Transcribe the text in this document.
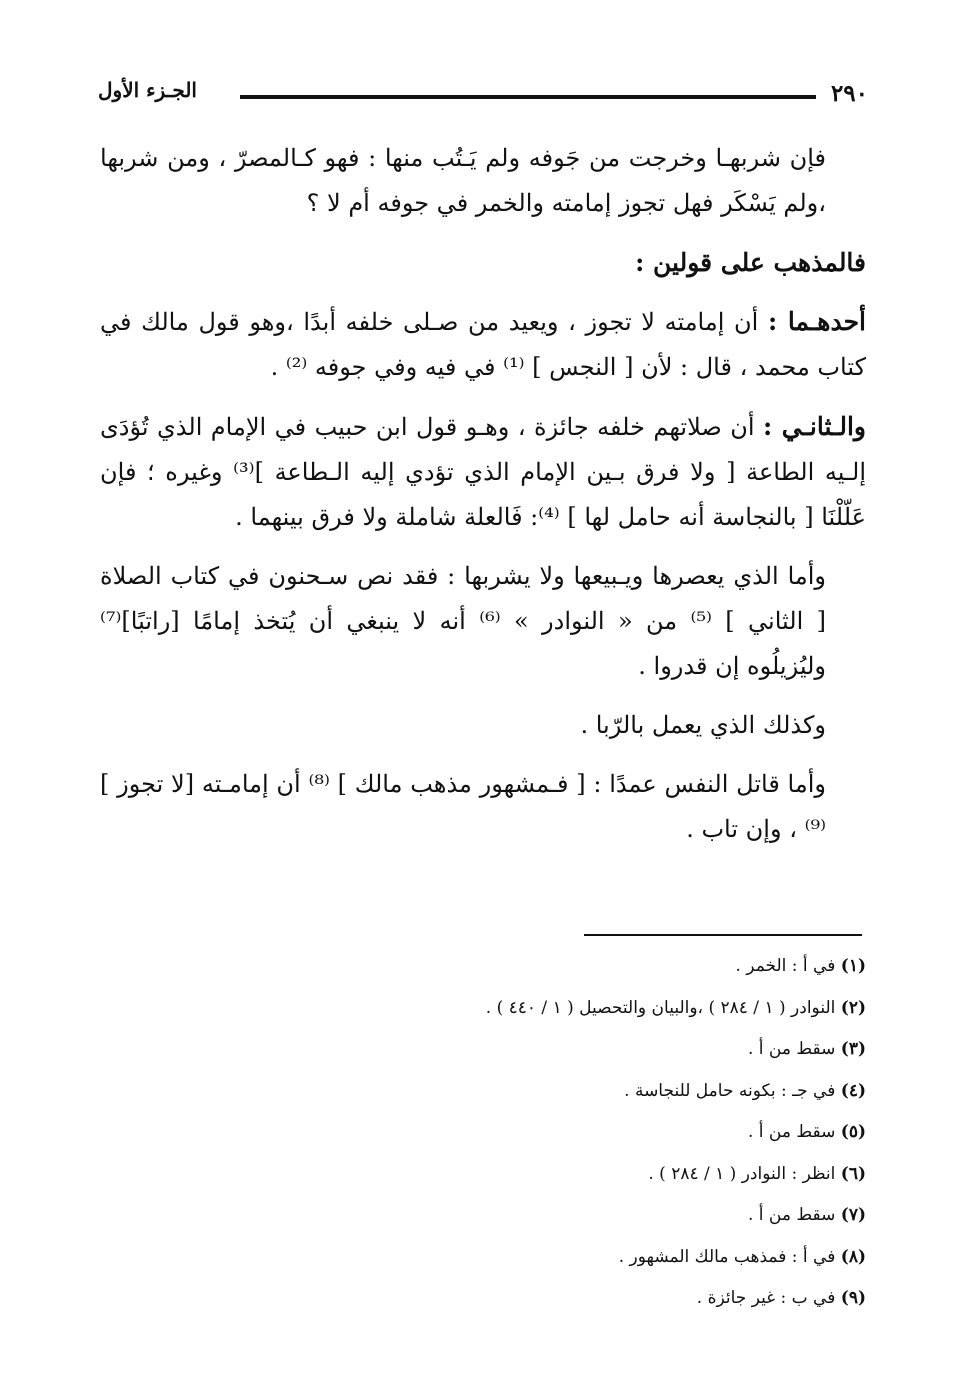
٢٩٠
الجـزء الأول

فإن شربهـا وخرجت من جَوفه ولم يَـتُب منها : فهو كـالمصرّ ، ومن شربها ،ولم يَسْكَر فهل تجوز إمامته والخمر في جوفه أم لا ؟

فالمذهب على قولين :

أحدهـما : أن إمامته لا تجوز ، ويعيد من صـلى خلفه أبدًا ،وهو قول مالك في كتاب محمد ، قال : لأن [ النجس ] ⁽¹⁾ في فيه وفي جوفه ⁽²⁾ .

والـثانـي : أن صلاتهم خلفه جائزة ، وهـو قول ابن حبيب في الإمام الذي تُؤدَى إلـيه الطاعة [ ولا فرق بـين الإمام الذي تؤدي إليه الـطاعة ]⁽³⁾ وغيره ؛ فإن عَلّلْنَا [ بالنجاسة أنه حامل لها ] ⁽⁴⁾: فَالعلة شاملة ولا فرق بينهما .

وأما الذي يعصرها ويـبيعها ولا يشربها : فقد نص سـحنون في كتاب الصلاة [ الثاني ] ⁽⁵⁾ من « النوادر » ⁽⁶⁾ أنه لا ينبغي أن يُتخذ إمامًا [راتبًا]⁽⁷⁾ وليُزيلُوه إن قدروا .

وكذلك الذي يعمل بالرّبا .

وأما قاتل النفس عمدًا : [ فـمشهور مذهب مالك ] ⁽⁸⁾ أن إمامـته [لا تجوز ] ⁽⁹⁾ ، وإن تاب .

(١) في أ : الخمر .
(٢) النوادر ( ١ / ٢٨٤ ) ،والبيان والتحصيل ( ١ / ٤٤٠ ) .
(٣) سقط من أ .
(٤) في جـ : بكونه حامل للنجاسة .
(٥) سقط من أ .
(٦) انظر : النوادر ( ١ / ٢٨٤ ) .
(٧) سقط من أ .
(٨) في أ : فمذهب مالك المشهور .
(٩) في ب : غير جائزة .
